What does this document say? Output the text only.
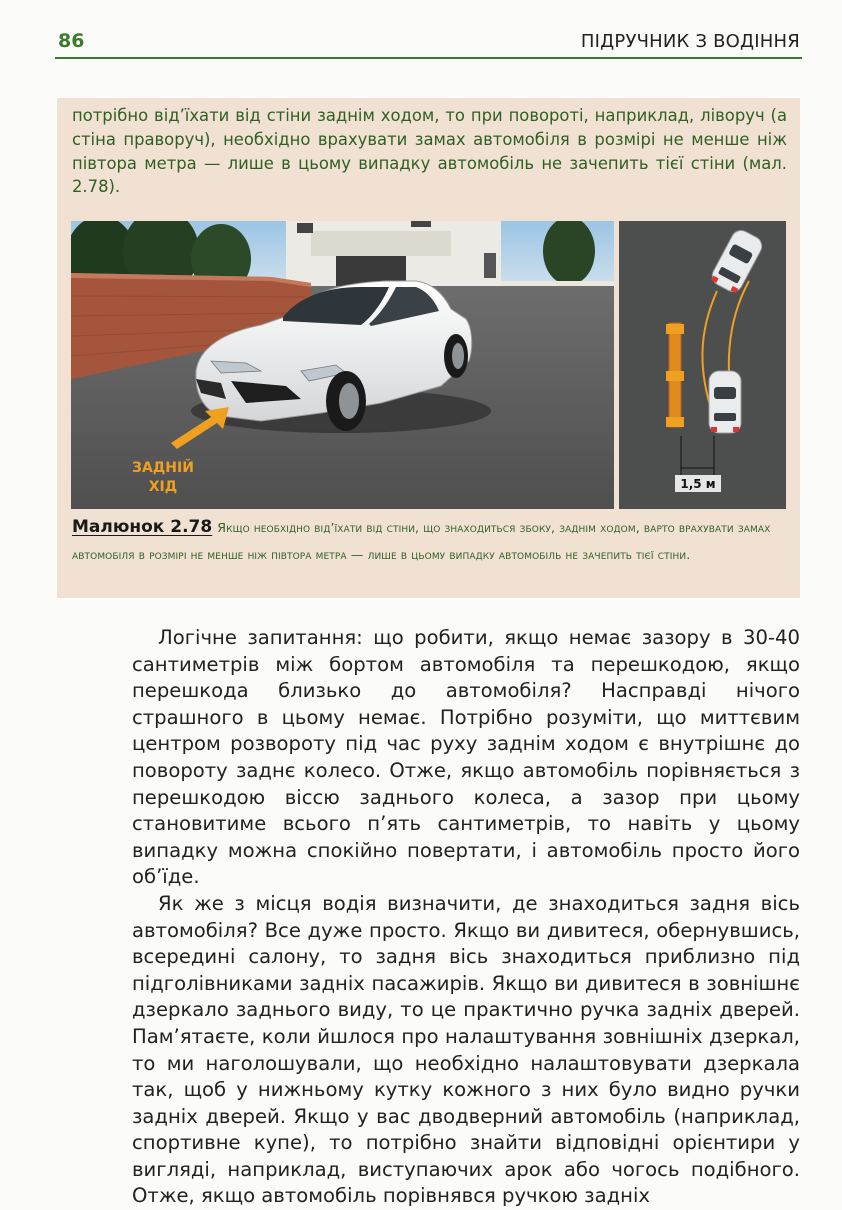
86	ПІДРУЧНИК З ВОДІННЯ
потрібно від’їхати від стіни заднім ходом, то при повороті, наприклад, ліворуч (а стіна праворуч), необхідно врахувати замах автомобіля в розмірі не менше ніж півтора метра — лише в цьому випадку автомобіль не зачепить тієї стіни (мал. 2.78).
ЗАДНІЙ
ХІД	1,5 м
Малюнок 2.78 Якщо необхідно від’їхати від стіни, що знаходиться збоку, заднім ходом, варто врахувати замах автомобіля в розмірі не менше ніж півтора метра — лише в цьому випадку автомобіль не зачепить тієї стіни.

Логічне запитання: що робити, якщо немає зазору в 30-40 сантиметрів між бортом автомобіля та перешкодою, якщо перешкода близько до автомобіля? Насправді нічого страшного в цьому немає. Потрібно розуміти, що миттєвим центром розвороту під час руху заднім ходом є внутрішнє до повороту заднє колесо. Отже, якщо автомобіль порівняється з перешкодою віссю заднього колеса, а зазор при цьому становитиме всього п’ять сантиметрів, то навіть у цьому випадку можна спокійно повертати, і автомобіль просто його об’їде.

Як же з місця водія визначити, де знаходиться задня вісь автомобіля? Все дуже просто. Якщо ви дивитеся, обернувшись, всередині салону, то задня вісь знаходиться приблизно під підголівниками задніх пасажирів. Якщо ви дивитеся в зовнішнє дзеркало заднього виду, то це практично ручка задніх дверей. Пам’ятаєте, коли йшлося про налаштування зовнішніх дзеркал, то ми наголошували, що необхідно налаштовувати дзеркала так, щоб у нижньому кутку кожного з них було видно ручки задніх дверей. Якщо у вас дводверний автомобіль (наприклад, спортивне купе), то потрібно знайти відповідні орієнтири у вигляді, наприклад, виступаючих арок або чогось подібного. Отже, якщо автомобіль порівнявся ручкою задніх
